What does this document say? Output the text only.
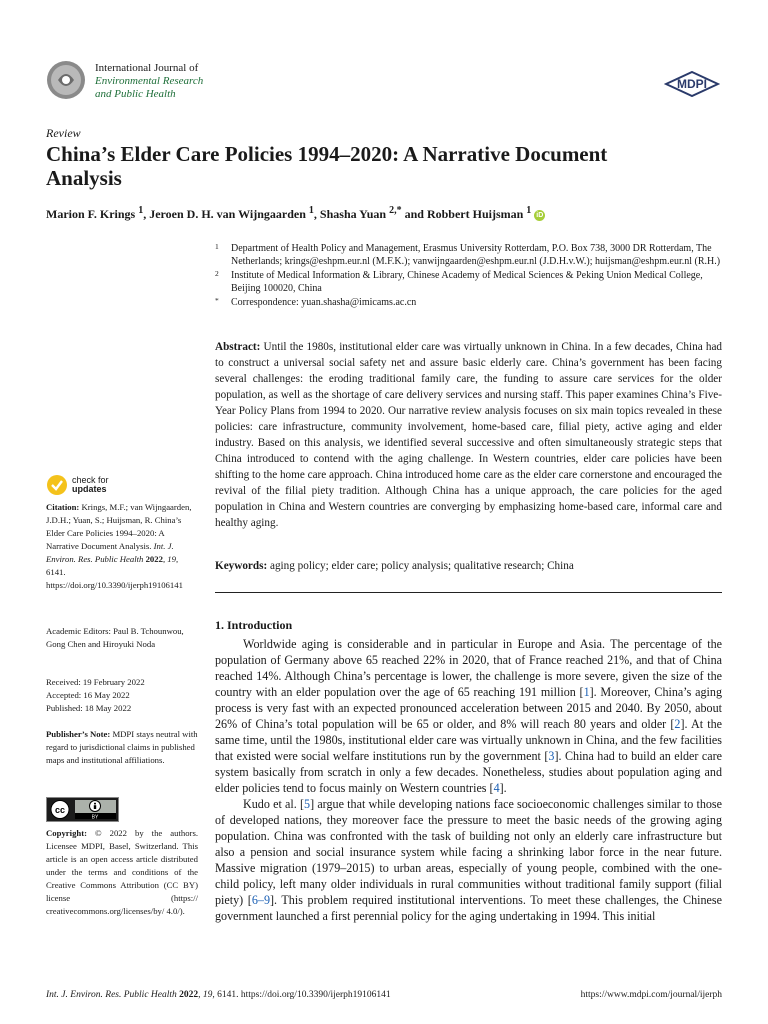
International Journal of
Environmental Research
and Public Health
MDPI
Review
China’s Elder Care Policies 1994–2020: A Narrative Document Analysis
Marion F. Krings $^1$, Jeroen D. H. van Wijngaarden $^1$, Shasha Yuan $^{2,*}$ and Robbert Huijsman $^1$ iD
1	Department of Health Policy and Management, Erasmus University Rotterdam, P.O. Box 738, 3000 DR Rotterdam, The Netherlands; krings@eshpm.eur.nl (M.F.K.); vanwijngaarden@eshpm.eur.nl (J.D.H.v.W.); huijsman@eshpm.eur.nl (R.H.)
2	Institute of Medical Information & Library, Chinese Academy of Medical Sciences & Peking Union Medical College, Beijing 100020, China
*	Correspondence: yuan.shasha@imicams.ac.cn
Abstract: Until the 1980s, institutional elder care was virtually unknown in China. In a few decades, China had to construct a universal social safety net and assure basic elderly care. China’s government has been facing several challenges: the eroding traditional family care, the funding to assure care services for the older population, as well as the shortage of care delivery services and nursing staff. This paper examines China’s Five-Year Policy Plans from 1994 to 2020. Our narrative review analysis focuses on six main topics revealed in these policies: care infrastructure, community involvement, home-based care, filial piety, active aging and elder industry. Based on this analysis, we identified several successive and often simultaneously strategic steps that China introduced to contend with the aging challenge. In Western countries, elder care policies have been shifting to the home care approach. China introduced home care as the elder care cornerstone and encouraged the revival of the filial piety tradition. Although China has a unique approach, the care policies for the aged population in China and Western countries are converging by emphasizing home-based care, informal care and healthy aging.
Keywords: aging policy; elder care; policy analysis; qualitative research; China
1. Introduction

Worldwide aging is considerable and in particular in Europe and Asia. The percentage of the population of Germany above 65 reached 22% in 2020, that of France reached 21%, and that of China reached 14%. Although China’s percentage is lower, the challenge is more severe, given the size of the country with an elder population over the age of 65 reaching 191 million [1]. Moreover, China’s aging process is very fast with an expected pronounced acceleration between 2015 and 2040. By 2050, about 26% of China’s total population will be 65 or older, and 8% will reach 80 years and older [2]. At the same time, until the 1980s, institutional elder care was virtually unknown in China, and the few facilities that existed were social welfare institutions run by the government [3]. China had to build an elder care system basically from scratch in only a few decades. Nonetheless, studies about population aging and elder policies tend to focus mainly on Western countries [4].

Kudo et al. [5] argue that while developing nations face socioeconomic challenges similar to those of developed nations, they moreover face the pressure to meet the basic needs of the growing aging population. China was confronted with the task of building not only an elderly care infrastructure but also a pension and social insurance system while facing a shrinking labor force in the near future. Massive migration (1979–2015) to urban areas, especially of young people, combined with the one-child policy, left many older individuals in rural communities without traditional family support (filial piety) [6–9]. This problem required institutional interventions. To meet these challenges, the Chinese government launched a first perennial policy for the aging undertaking in 1994. This initial

check for
updates
Citation: Krings, M.F.; van Wijngaarden, J.D.H.; Yuan, S.; Huijsman, R. China’s Elder Care Policies 1994–2020: A Narrative Document Analysis. Int. J. Environ. Res. Public Health 2022, 19, 6141. https://doi.org/10.3390/ijerph19106141
Academic Editors: Paul B. Tchounwou, Gong Chen and Hiroyuki Noda
Received: 19 February 2022
Accepted: 16 May 2022
Published: 18 May 2022
Publisher’s Note: MDPI stays neutral with regard to jurisdictional claims in published maps and institutional affiliations.
cc
BY
Copyright: © 2022 by the authors. Licensee MDPI, Basel, Switzerland. This article is an open access article distributed under the terms and conditions of the Creative Commons Attribution (CC BY) license (https:// creativecommons.org/licenses/by/ 4.0/).
Int. J. Environ. Res. Public Health 2022, 19, 6141. https://doi.org/10.3390/ijerph19106141	https://www.mdpi.com/journal/ijerph
